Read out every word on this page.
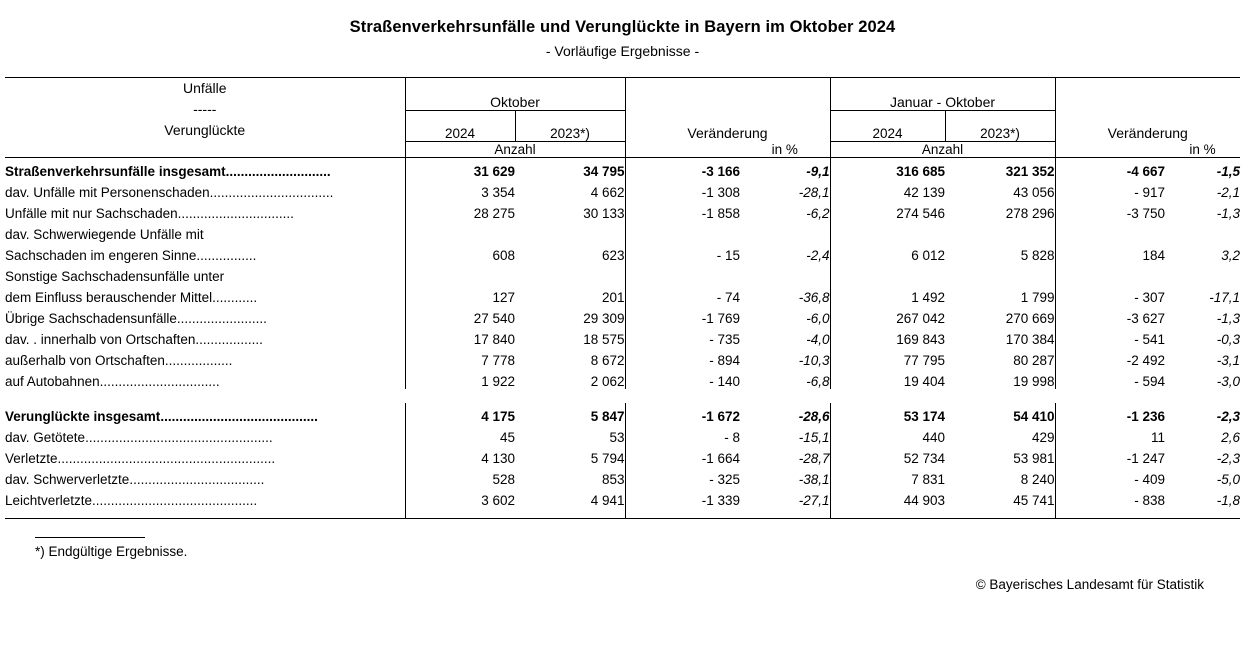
Straßenverkehrsunfälle und Verunglückte in Bayern im Oktober 2024
- Vorläufige Ergebnisse -
Unfälle
-----
Verunglückte	Oktober		Veränderung		Januar - Oktober		Veränderung	
	2024	2023*)			2024	2023*)		
	Anzahl			in %	Anzahl			in %
Straßenverkehrsunfälle insgesamt............................	31 629	34 795	-3 166	-9,1	316 685	321 352	-4 667	-1,5
dav. Unfälle mit Personenschaden.................................	3 354	4 662	-1 308	-28,1	42 139	43 056	- 917	-2,1
Unfälle mit nur Sachschaden...............................	28 275	30 133	-1 858	-6,2	274 546	278 296	-3 750	-1,3
dav. Schwerwiegende Unfälle mit								
Sachschaden im engeren Sinne................	608	623	- 15	-2,4	6 012	5 828	184	3,2
Sonstige Sachschadensunfälle unter								
dem Einfluss berauschender Mittel............	127	201	- 74	-36,8	1 492	1 799	- 307	-17,1
Übrige Sachschadensunfälle........................	27 540	29 309	-1 769	-6,0	267 042	270 669	-3 627	-1,3
dav. . innerhalb von Ortschaften..................	17 840	18 575	- 735	-4,0	169 843	170 384	- 541	-0,3
außerhalb von Ortschaften..................	7 778	8 672	- 894	-10,3	77 795	80 287	-2 492	-3,1
auf Autobahnen................................	1 922	2 062	- 140	-6,8	19 404	19 998	- 594	-3,0

Verunglückte insgesamt..........................................	4 175	5 847	-1 672	-28,6	53 174	54 410	-1 236	-2,3
dav. Getötete..................................................	45	53	- 8	-15,1	440	429	11	2,6
Verletzte..........................................................	4 130	5 794	-1 664	-28,7	52 734	53 981	-1 247	-2,3
dav. Schwerverletzte....................................	528	853	- 325	-38,1	7 831	8 240	- 409	-5,0
Leichtverletzte............................................	3 602	4 941	-1 339	-27,1	44 903	45 741	- 838	-1,8

*) Endgültige Ergebnisse.
© Bayerisches Landesamt für Statistik
